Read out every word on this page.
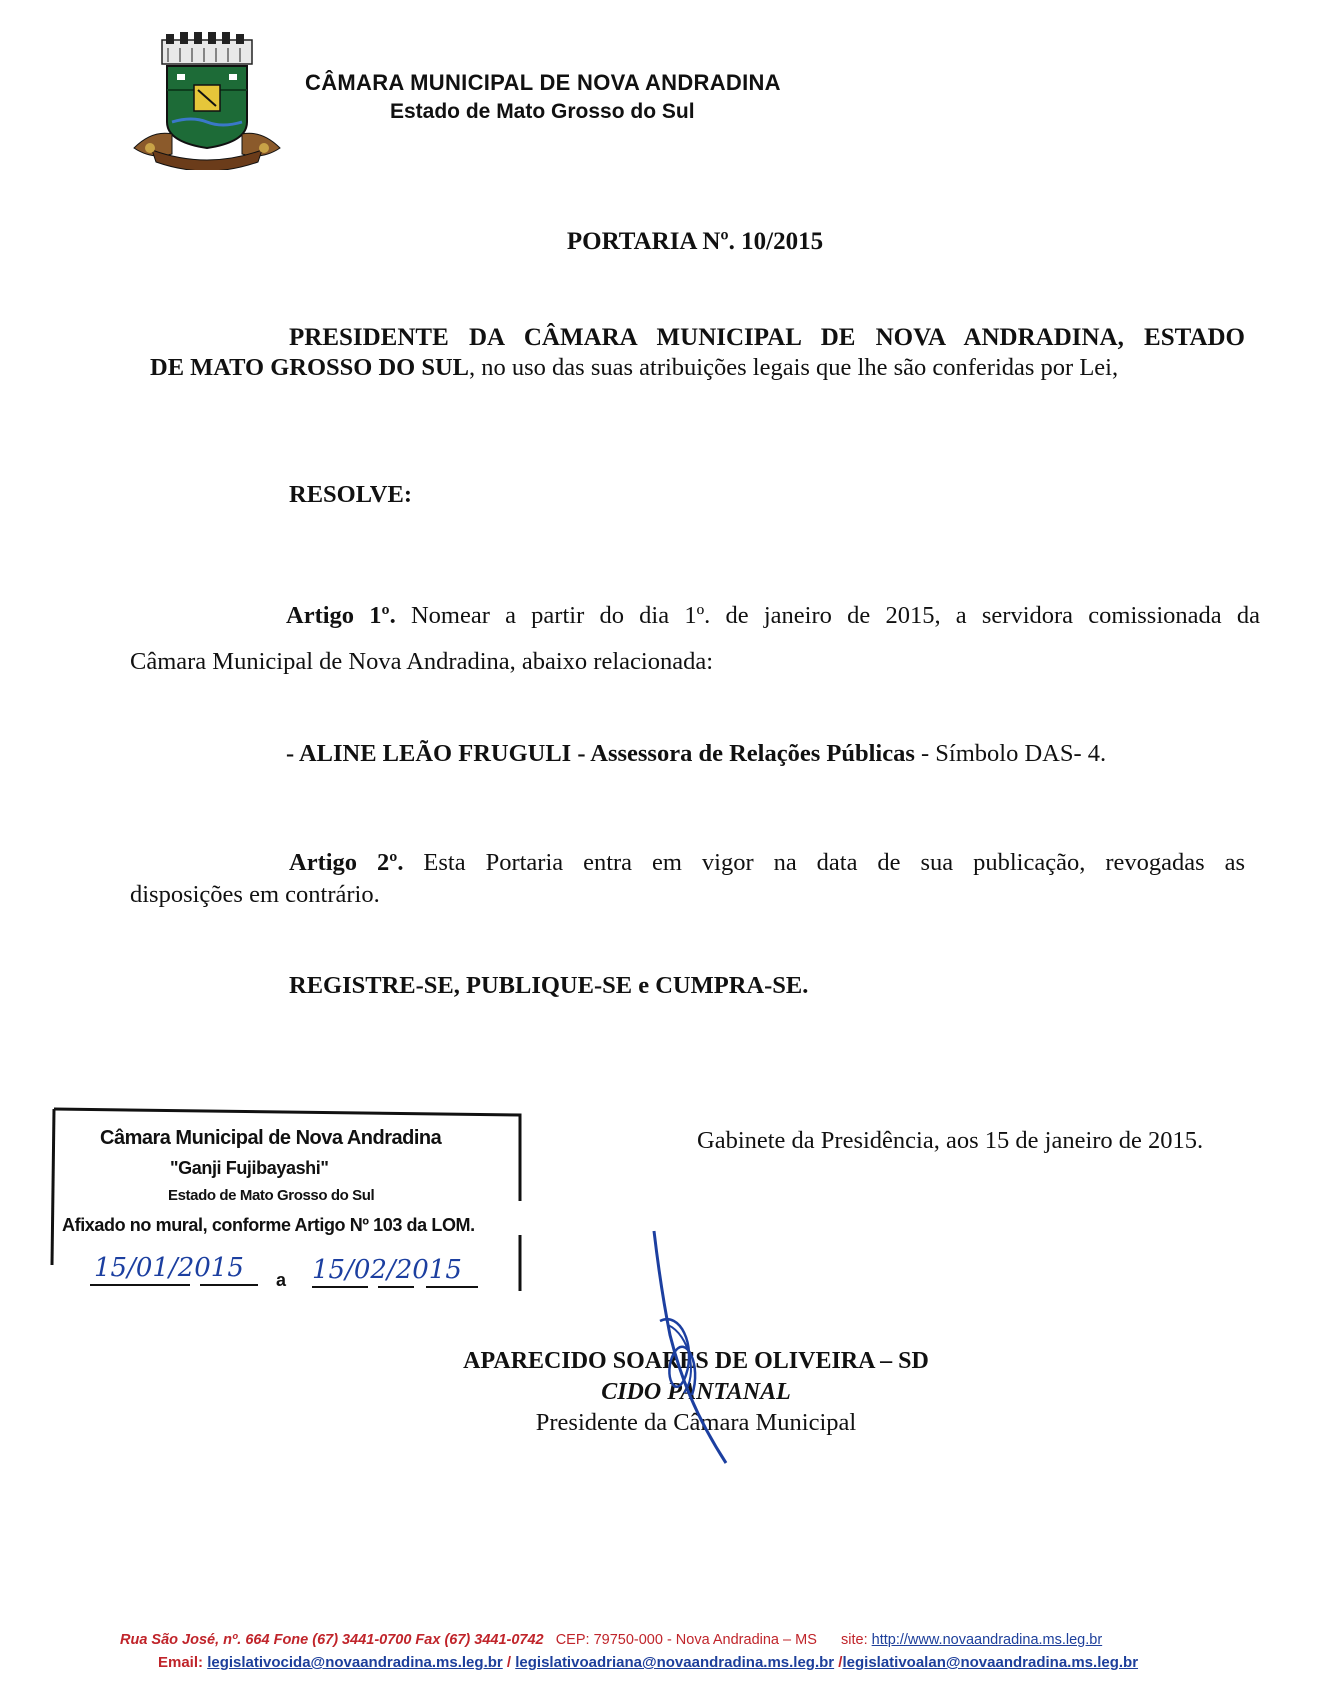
CÂMARA MUNICIPAL DE NOVA ANDRADINA
Estado de Mato Grosso do Sul
PORTARIA Nº. 10/2015
PRESIDENTE DA CÂMARA MUNICIPAL DE NOVA ANDRADINA, ESTADO
DE MATO GROSSO DO SUL, no uso das suas atribuições legais que lhe são conferidas por Lei,
RESOLVE:
Artigo 1º. Nomear a partir do dia 1º. de janeiro de 2015, a servidora comissionada da
Câmara Municipal de Nova Andradina, abaixo relacionada:
- ALINE LEÃO FRUGULI - Assessora de Relações Públicas - Símbolo DAS- 4.
Artigo 2º. Esta Portaria entra em vigor na data de sua publicação, revogadas as
disposições em contrário.
REGISTRE-SE, PUBLIQUE-SE e CUMPRA-SE.
Gabinete da Presidência, aos 15 de janeiro de 2015.
Câmara Municipal de Nova Andradina
"Ganji Fujibayashi"
Estado de Mato Grosso do Sul
Afixado no mural, conforme Artigo Nº 103 da LOM.
15/01/2015 a 15/02/2015
APARECIDO SOARES DE OLIVEIRA – SD
CIDO PANTANAL
Presidente da Câmara Municipal
Rua São José, nº. 664 Fone (67) 3441-0700 Fax (67) 3441-0742 CEP: 79750-000 - Nova Andradina – MS site: http://www.novaandradina.ms.leg.br
Email: legislativocida@novaandradina.ms.leg.br / legislativoadriana@novaandradina.ms.leg.br /legislativoalan@novaandradina.ms.leg.br
